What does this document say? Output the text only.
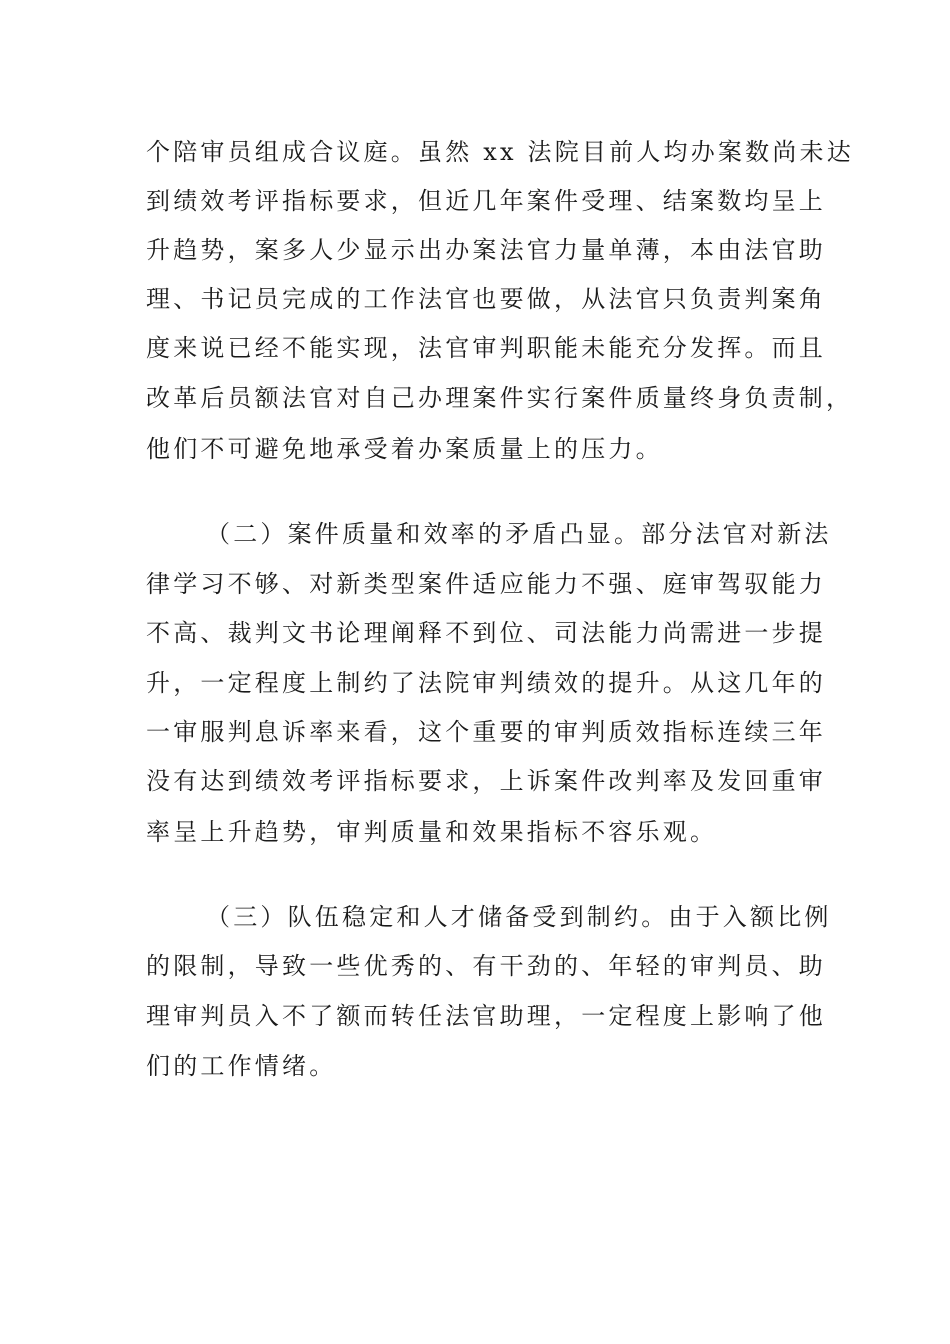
个陪审员组成合议庭。虽然 xx 法院目前人均办案数尚未达
到绩效考评指标要求，但近几年案件受理、结案数均呈上
升趋势，案多人少显示出办案法官力量单薄，本由法官助
理、书记员完成的工作法官也要做，从法官只负责判案角
度来说已经不能实现，法官审判职能未能充分发挥。而且
改革后员额法官对自己办理案件实行案件质量终身负责制，
他们不可避免地承受着办案质量上的压力。
（二）案件质量和效率的矛盾凸显。部分法官对新法
律学习不够、对新类型案件适应能力不强、庭审驾驭能力
不高、裁判文书论理阐释不到位、司法能力尚需进一步提
升，一定程度上制约了法院审判绩效的提升。从这几年的
一审服判息诉率来看，这个重要的审判质效指标连续三年
没有达到绩效考评指标要求，上诉案件改判率及发回重审
率呈上升趋势，审判质量和效果指标不容乐观。
（三）队伍稳定和人才储备受到制约。由于入额比例
的限制，导致一些优秀的、有干劲的、年轻的审判员、助
理审判员入不了额而转任法官助理，一定程度上影响了他
们的工作情绪。
